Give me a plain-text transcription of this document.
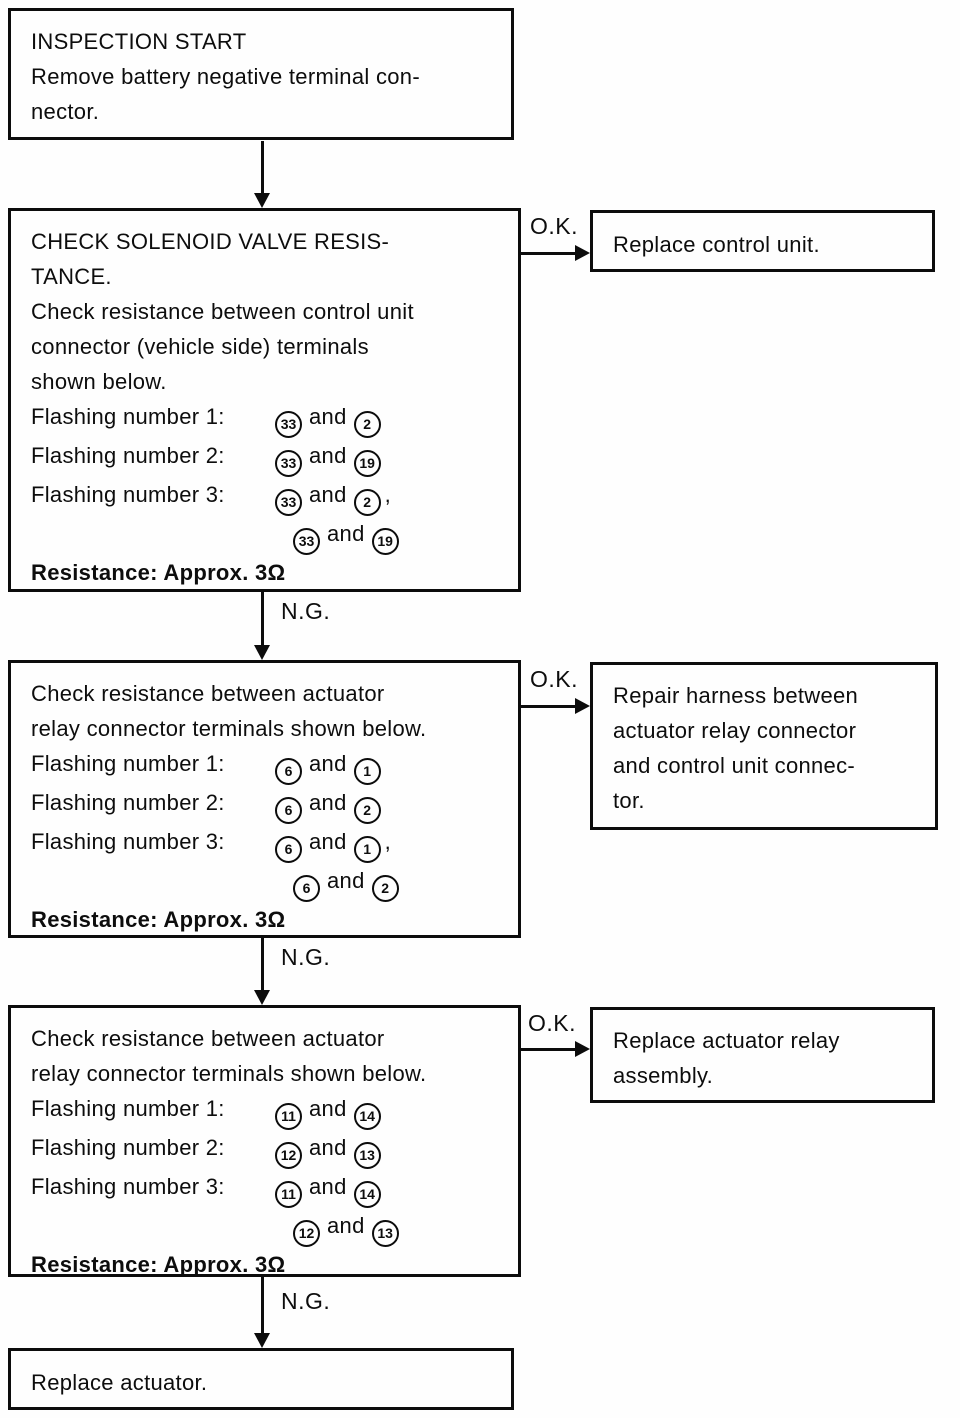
INSPECTION START
Remove battery negative terminal con-
nector.
CHECK SOLENOID VALVE RESIS-
TANCE.
Check resistance between control unit
connector (vehicle side) terminals
shown below.
Flashing number 1:	33 and 2
Flashing number 2:	33 and 19
Flashing number 3:	33 and 2 ,
33 and 19
Resistance: Approx. 3Ω
O.K.
Replace control unit.
N.G.
Check resistance between actuator
relay connector terminals shown below.
Flashing number 1:	6 and 1
Flashing number 2:	6 and 2
Flashing number 3:	6 and 1 ,
6 and 2
Resistance: Approx. 3Ω
O.K.
Repair harness between
actuator relay connector
and control unit connec-
tor.
N.G.
Check resistance between actuator
relay connector terminals shown below.
Flashing number 1:	11 and 14
Flashing number 2:	12 and 13
Flashing number 3:	11 and 14
12 and 13
Resistance: Approx. 3Ω
O.K.
Replace actuator relay
assembly.
N.G.
Replace actuator.
